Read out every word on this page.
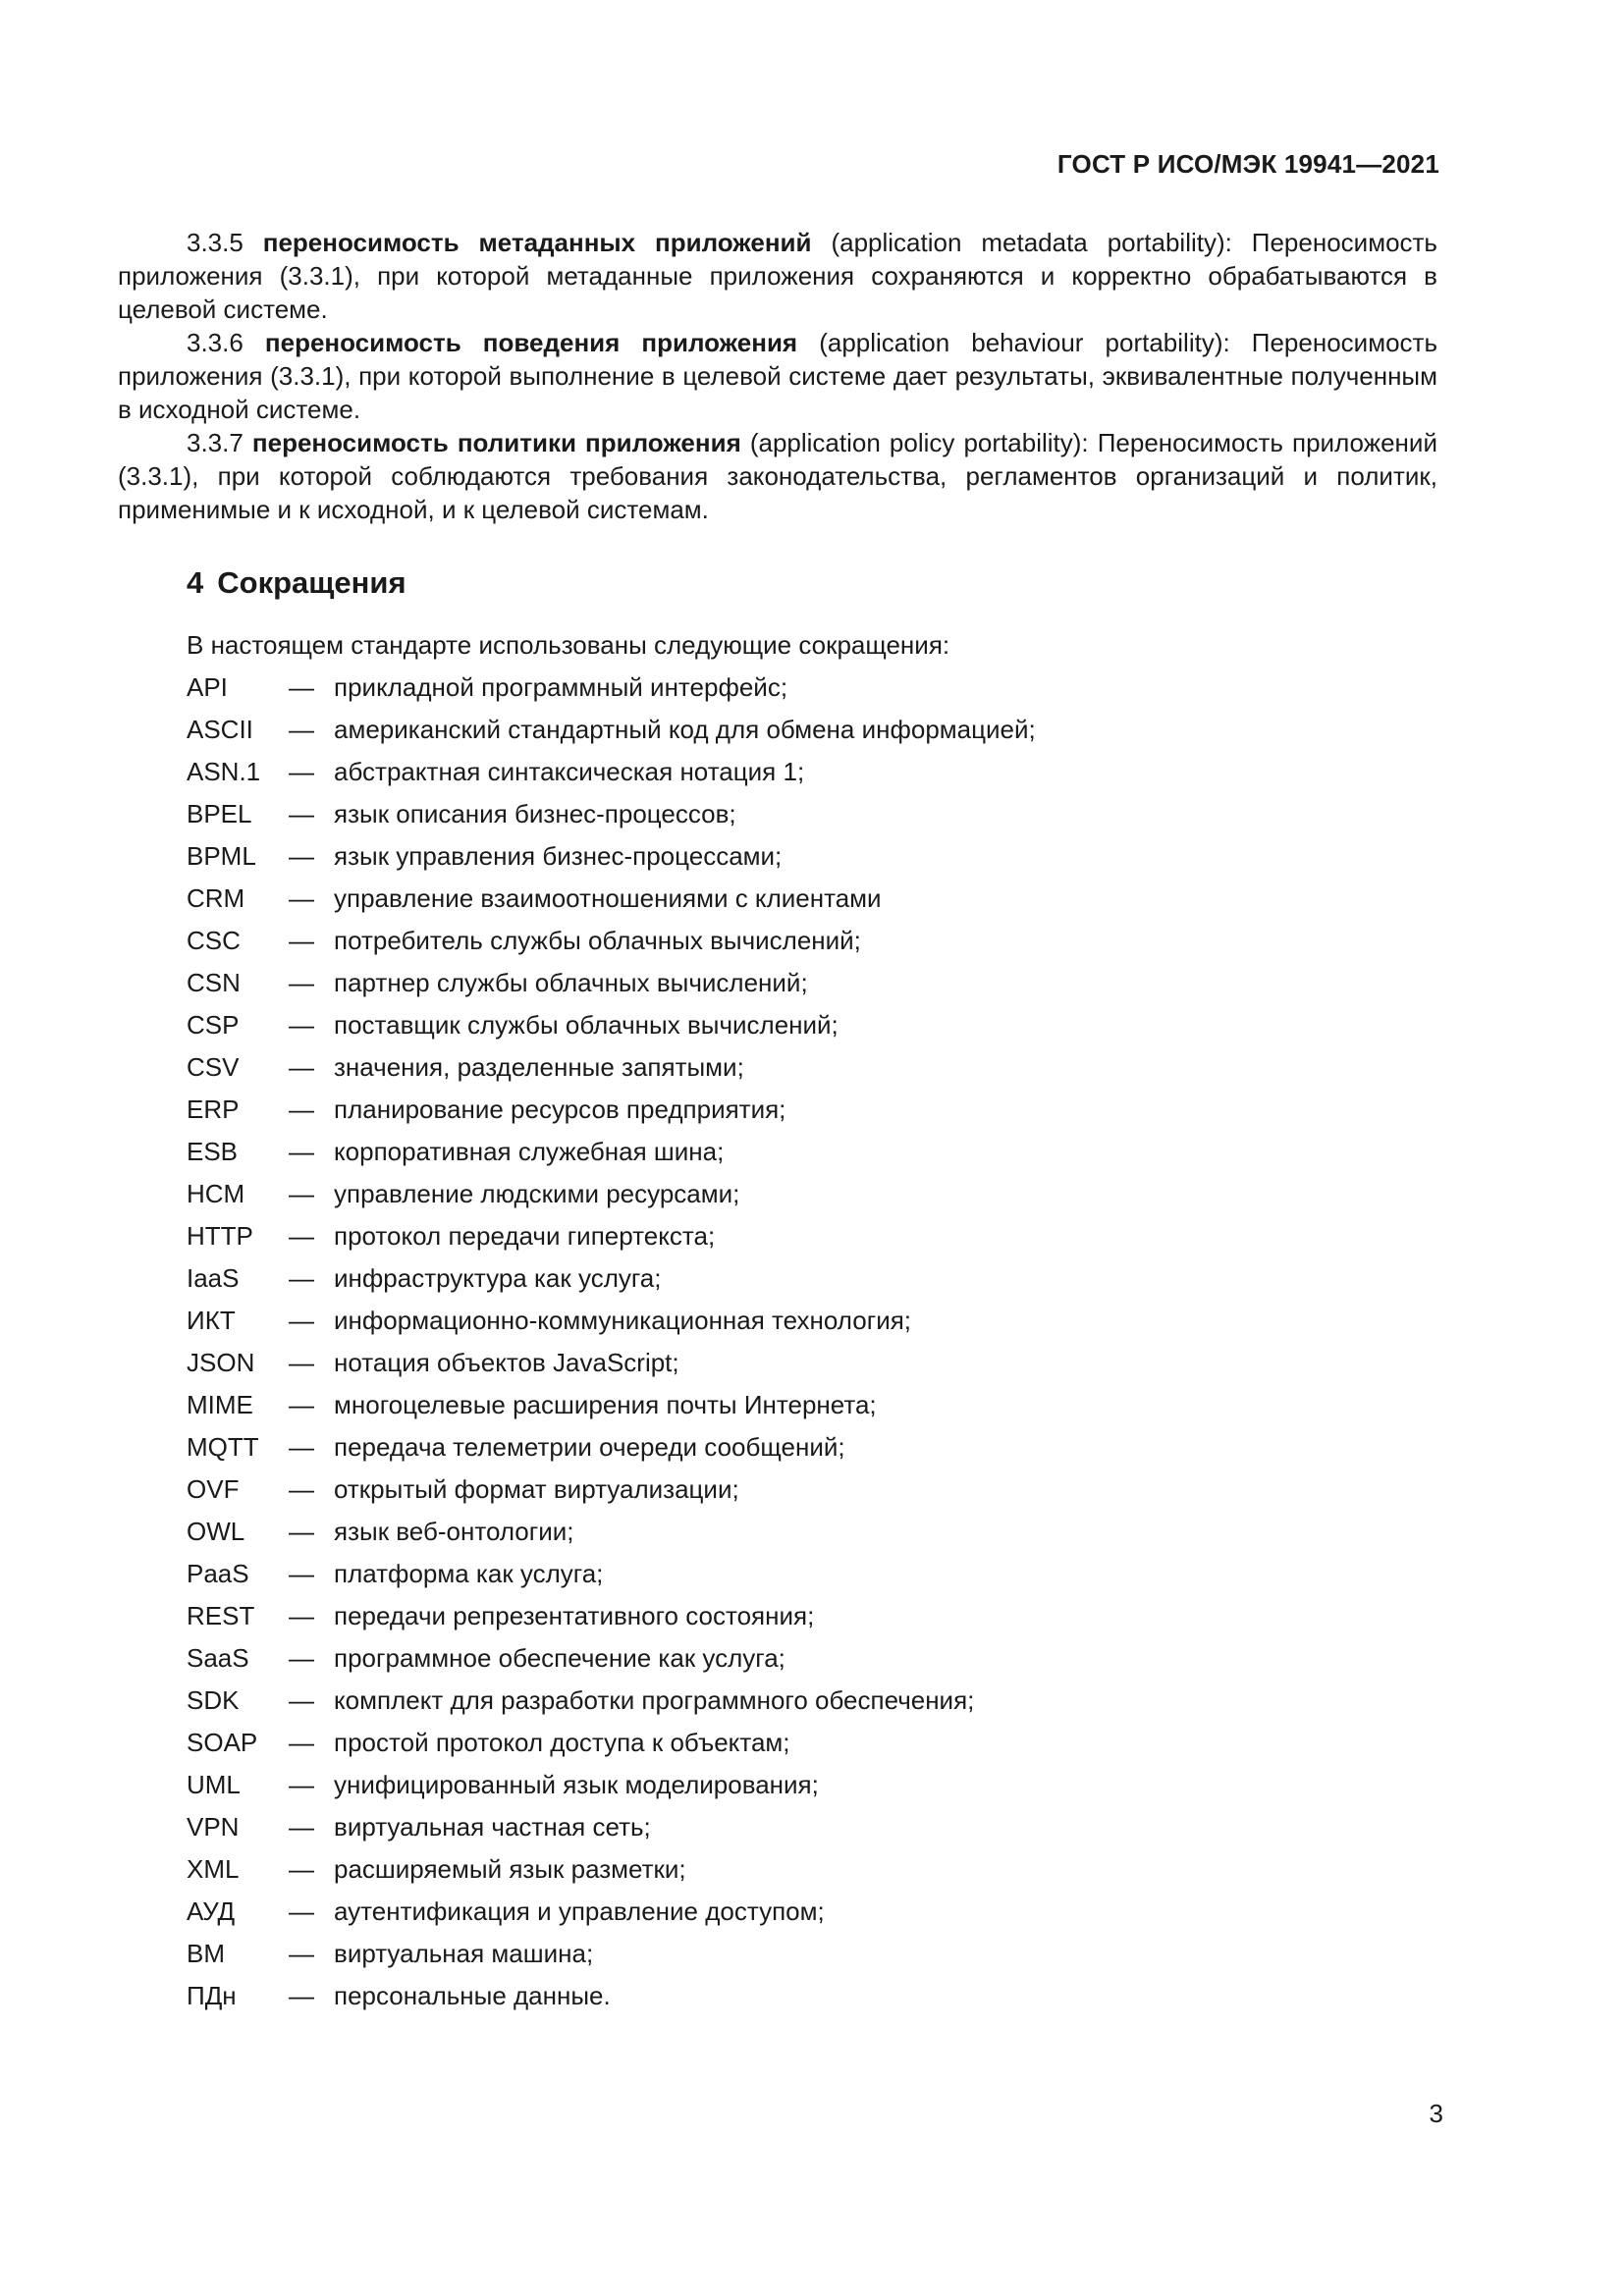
ГОСТ Р ИСО/МЭК 19941—2021

3.3.5 переносимость метаданных приложений (application metadata portability): Переносимость приложения (3.3.1), при которой метаданные приложения сохраняются и корректно обрабатываются в целевой системе.

3.3.6 переносимость поведения приложения (application behaviour portability): Переносимость приложения (3.3.1), при которой выполнение в целевой системе дает результаты, эквивалентные полученным в исходной системе.

3.3.7 переносимость политики приложения (application policy portability): Переносимость приложений (3.3.1), при которой соблюдаются требования законодательства, регламентов организаций и политик, применимые и к исходной, и к целевой системам.

4 Сокращения
В настоящем стандарте использованы следующие сокращения:
API	— прикладной программный интерфейс;
ASCII	— американский стандартный код для обмена информацией;
ASN.1	— абстрактная синтаксическая нотация 1;
BPEL	— язык описания бизнес-процессов;
BPML	— язык управления бизнес-процессами;
CRM	— управление взаимоотношениями с клиентами
CSC	— потребитель службы облачных вычислений;
CSN	— партнер службы облачных вычислений;
CSP	— поставщик службы облачных вычислений;
CSV	— значения, разделенные запятыми;
ERP	— планирование ресурсов предприятия;
ESB	— корпоративная служебная шина;
HCM	— управление людскими ресурсами;
HTTP	— протокол передачи гипертекста;
IaaS	— инфраструктура как услуга;
ИКТ	— информационно-коммуникационная технология;
JSON	— нотация объектов JavaScript;
MIME	— многоцелевые расширения почты Интернета;
MQTT	— передача телеметрии очереди сообщений;
OVF	— открытый формат виртуализации;
OWL	— язык веб-онтологии;
PaaS	— платформа как услуга;
REST	— передачи репрезентативного состояния;
SaaS	— программное обеспечение как услуга;
SDK	— комплект для разработки программного обеспечения;
SOAP	— простой протокол доступа к объектам;
UML	— унифицированный язык моделирования;
VPN	— виртуальная частная сеть;
XML	— расширяемый язык разметки;
АУД	— аутентификация и управление доступом;
ВМ	— виртуальная машина;
ПДн	— персональные данные.
3
